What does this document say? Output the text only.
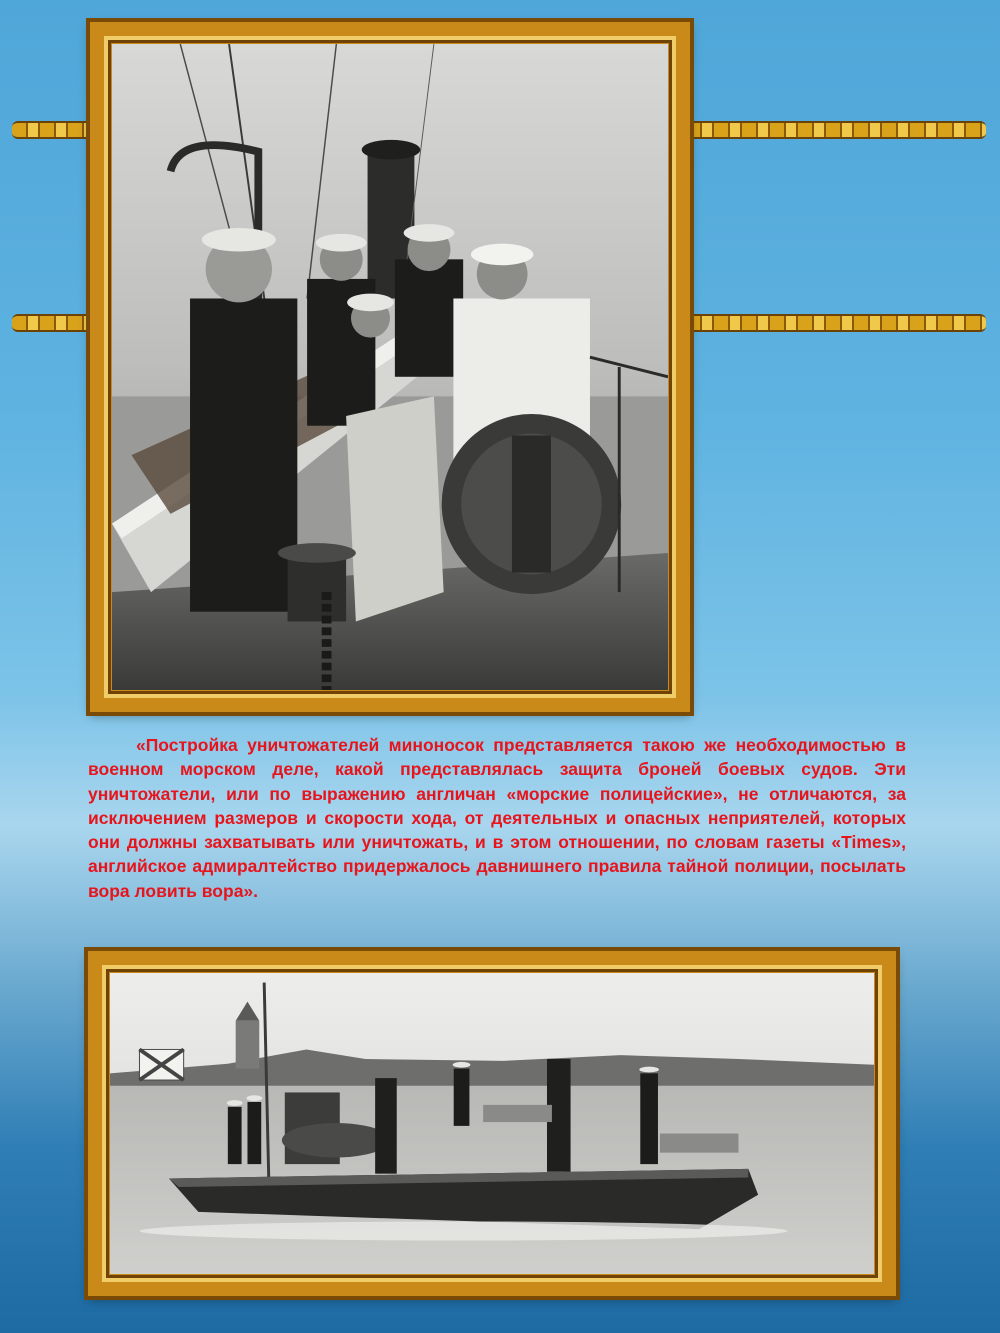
«Постройка уничтожателей миноносок представляется такою же необходимостью в военном морском деле, какой представлялась защита броней боевых судов. Эти уничтожатели, или по выражению англичан «морские полицейские», не отличаются, за исключением размеров и скорости хода, от деятельных и опасных неприятелей, которых они должны захватывать или уничтожать, и в этом отношении, по словам газеты «Times», английское адмиралтейство придержалось давнишнего правила тайной полиции, посылать вора ловить вора».
